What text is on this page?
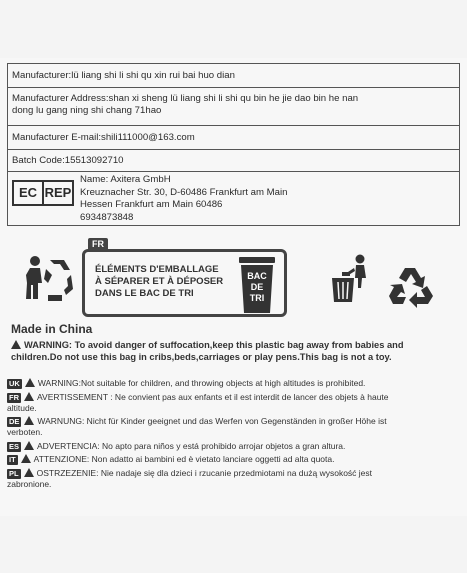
Manufacturer:lü liang shi li shi qu xin rui bai huo dian
Manufacturer Address:shan xi sheng lü liang shi li shi qu bin he jie dao bin he nan
dong lu gang ning shi chang 71hao
Manufacturer E-mail:shili111000@163.com
Batch Code:15513092710
EC REP
Name: Axitera GmbH
Kreuznacher Str. 30, D-60486 Frankfurt am Main
Hessen Frankfurt am Main 60486
6934873848
FR
ÉLÉMENTS D'EMBALLAGE
À SÉPARER ET À DÉPOSER
DANS LE BAC DE TRI
BAC
DE
TRI
Made in China
WARNING: To avoid danger of suffocation,keep this plastic bag away from babies and
children.Do not use this bag in cribs,beds,carriages or play pens.This bag is not a toy.
UK WARNING:Not suitable for children, and throwing objects at high altitudes is prohibited.
FR AVERTISSEMENT : Ne convient pas aux enfants et il est interdit de lancer des objets à haute
altitude.
DE WARNUNG: Nicht für Kinder geeignet und das Werfen von Gegenständen in großer Höhe ist
verboten.
ES ADVERTENCIA: No apto para niños y está prohibido arrojar objetos a gran altura.
IT ATTENZIONE: Non adatto ai bambini ed è vietato lanciare oggetti ad alta quota.
PL OSTRZEZENIE: Nie nadaje się dla dzieci i rzucanie przedmiotami na dużą wysokość jest
zabronione.
